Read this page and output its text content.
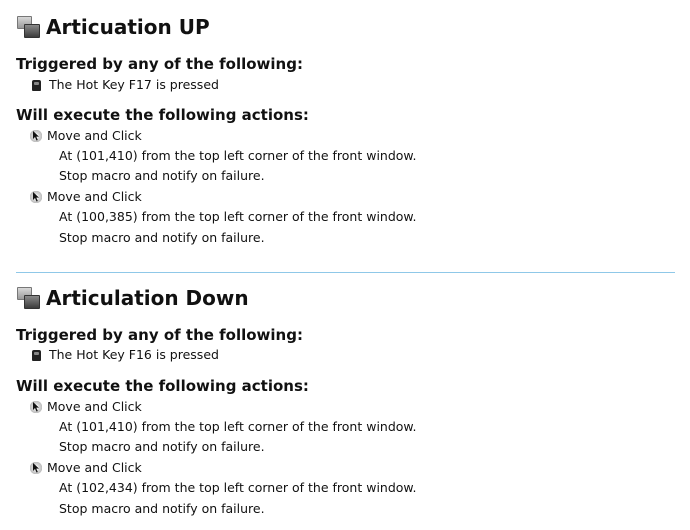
Articuation UP
Triggered by any of the following:
The Hot Key F17 is pressed
Will execute the following actions:
Move and Click
At (101,410) from the top left corner of the front window.
Stop macro and notify on failure.
Move and Click
At (100,385) from the top left corner of the front window.
Stop macro and notify on failure.
Articulation Down
Triggered by any of the following:
The Hot Key F16 is pressed
Will execute the following actions:
Move and Click
At (101,410) from the top left corner of the front window.
Stop macro and notify on failure.
Move and Click
At (102,434) from the top left corner of the front window.
Stop macro and notify on failure.
